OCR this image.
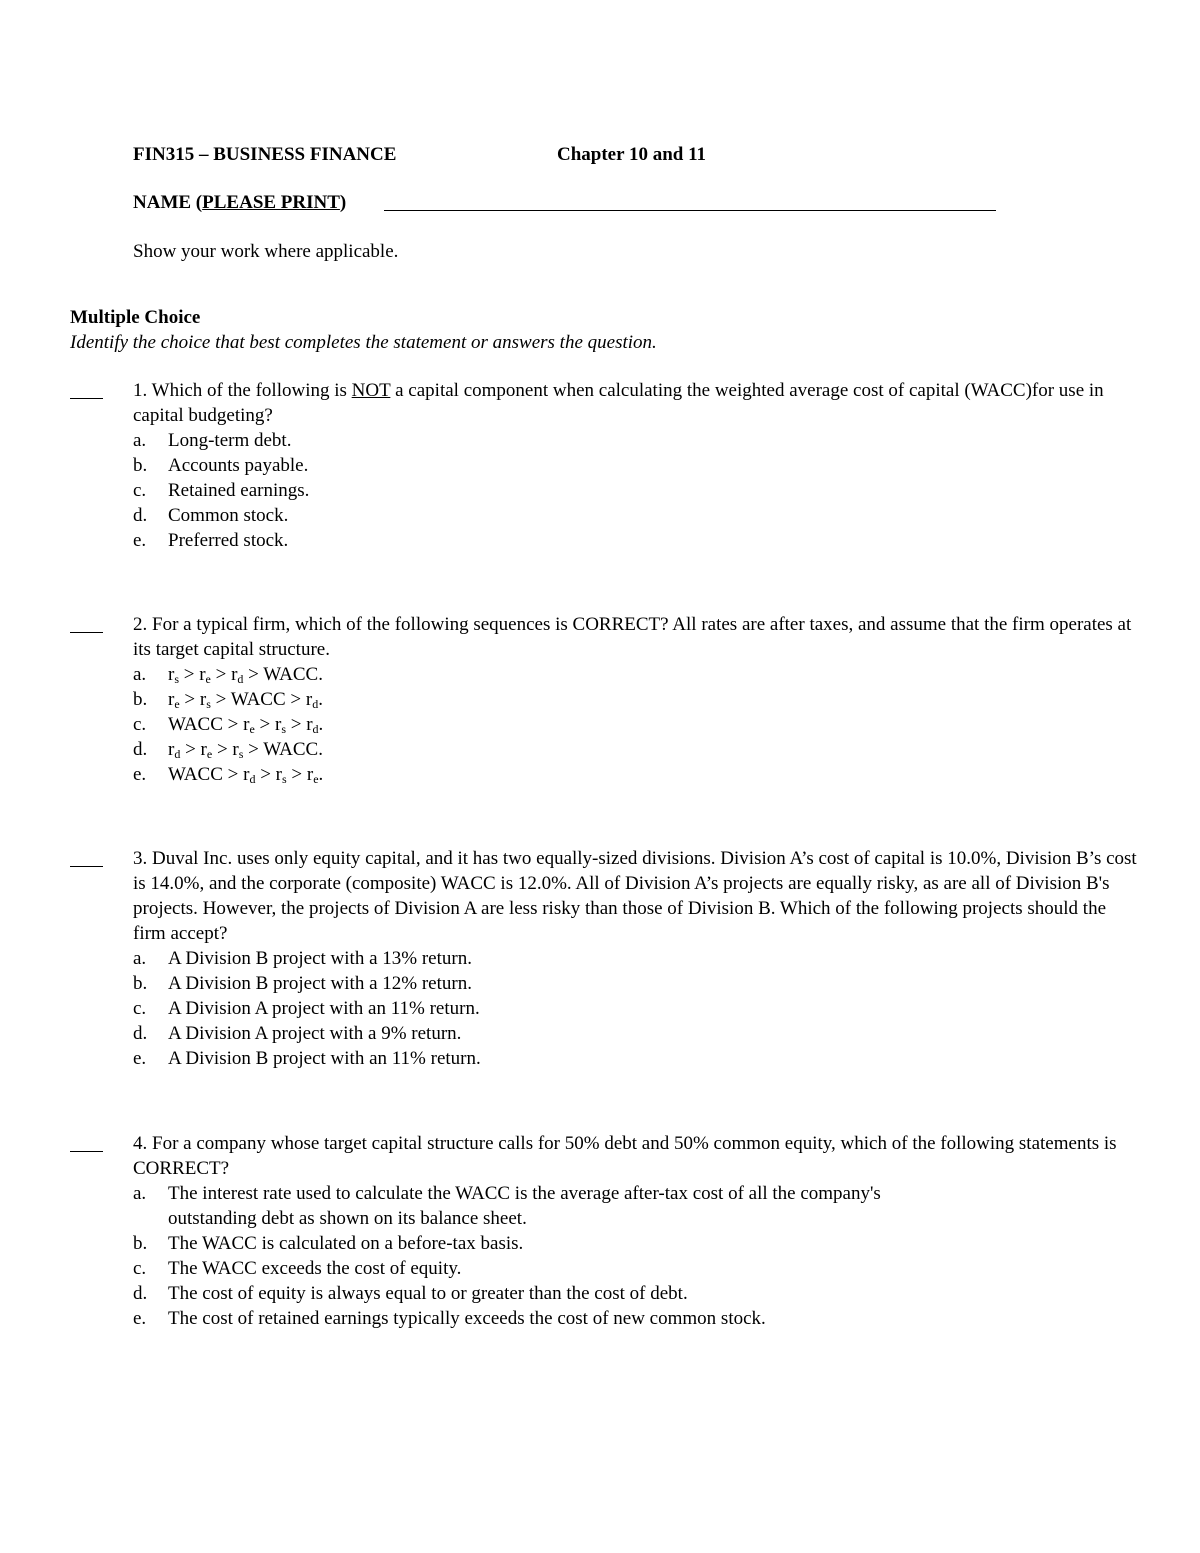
FIN315 – BUSINESS FINANCE	Chapter 10 and 11
NAME (PLEASE PRINT)
Show your work where applicable.
Multiple Choice
Identify the choice that best completes the statement or answers the question.
1. Which of the following is NOT a capital component when calculating the weighted average cost of capital (WACC)for use in capital budgeting?
a. Long-term debt.
b. Accounts payable.
c. Retained earnings.
d. Common stock.
e. Preferred stock.
2. For a typical firm, which of the following sequences is CORRECT? All rates are after taxes, and assume that the firm operates at its target capital structure.
a. $r_s > r_e > r_d$ > WACC.
b. $r_e > r_s$ > WACC > $r_d$.
c. WACC > $r_e > r_s > r_d$.
d. $r_d > r_e > r_s$ > WACC.
e. WACC > $r_d > r_s > r_e$.
3. Duval Inc. uses only equity capital, and it has two equally-sized divisions. Division A’s cost of capital is 10.0%, Division B’s cost is 14.0%, and the corporate (composite) WACC is 12.0%. All of Division A’s projects are equally risky, as are all of Division B's projects. However, the projects of Division A are less risky than those of Division B. Which of the following projects should the firm accept?
a. A Division B project with a 13% return.
b. A Division B project with a 12% return.
c. A Division A project with an 11% return.
d. A Division A project with a 9% return.
e. A Division B project with an 11% return.
4. For a company whose target capital structure calls for 50% debt and 50% common equity, which of the following statements is CORRECT?
a. The interest rate used to calculate the WACC is the average after-tax cost of all the company's outstanding debt as shown on its balance sheet.
b. The WACC is calculated on a before-tax basis.
c. The WACC exceeds the cost of equity.
d. The cost of equity is always equal to or greater than the cost of debt.
e. The cost of retained earnings typically exceeds the cost of new common stock.
